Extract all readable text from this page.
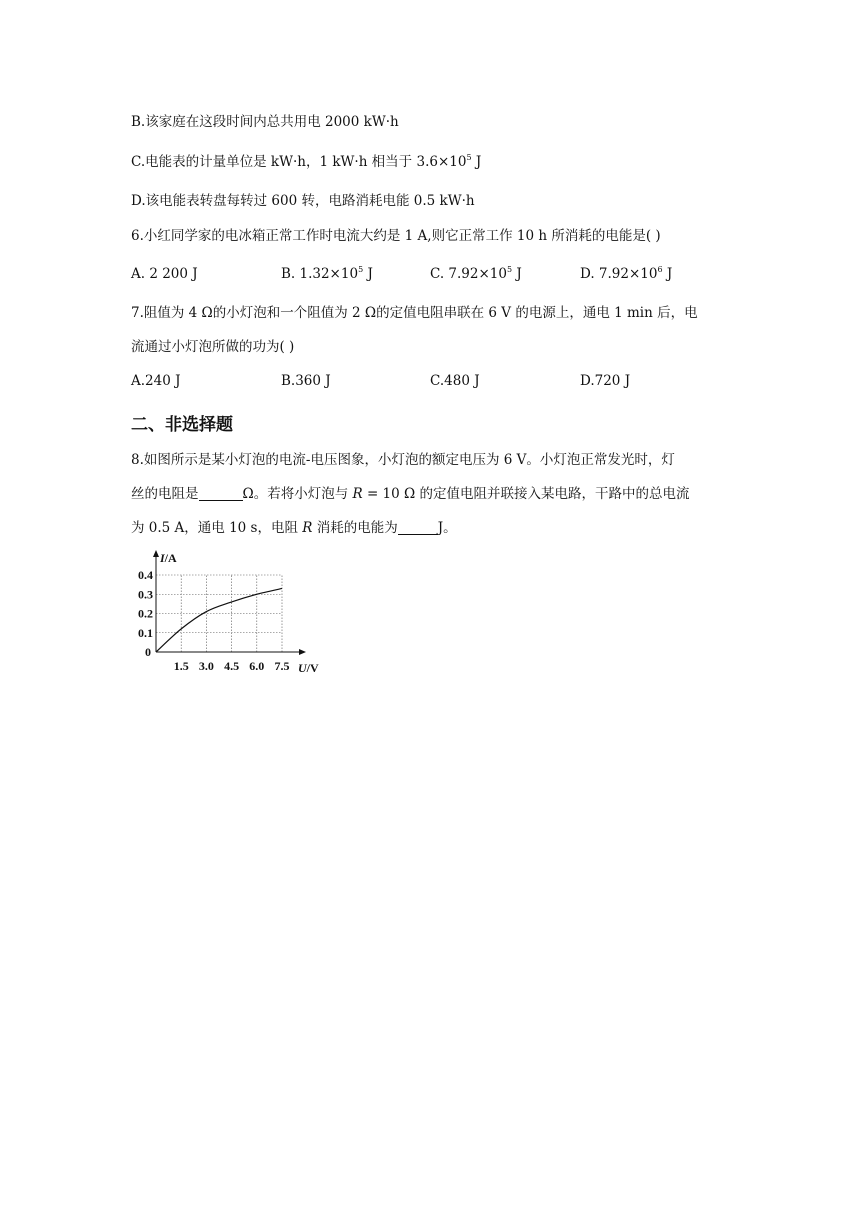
B.该家庭在这段时间内总共用电 2000 kW·h
C.电能表的计量单位是 kW·h，1 kW·h 相当于 $3.6\times 10^5$ J
D.该电能表转盘每转过 600 转，电路消耗电能 0.5 kW·h
6.小红同学家的电冰箱正常工作时电流大约是 1 A,则它正常工作 10 h 所消耗的电能是( )
A. 2 200 J	B. $1.32\times 10^5$ J	C. $7.92\times 10^5$ J	D. $7.92\times 10^6$ J
7.阻值为 4 Ω的小灯泡和一个阻值为 2 Ω的定值电阻串联在 6 V 的电源上，通电 1 min 后，电
流通过小灯泡所做的功为( )
A.240 J	B.360 J	C.480 J	D.720 J
二、非选择题
8.如图所示是某小灯泡的电流-电压图象，小灯泡的额定电压为 6 V。小灯泡正常发光时，灯
丝的电阻是	Ω。若将小灯泡与 R = 10 Ω 的定值电阻并联接入某电路，干路中的总电流
为 0.5 A，通电 10 s，电阻 R 消耗的电能为	J。
I/A
U/V
0
1.5 3.0 4.5 6.0 7.5
0.1
0.2
0.3
0.4
